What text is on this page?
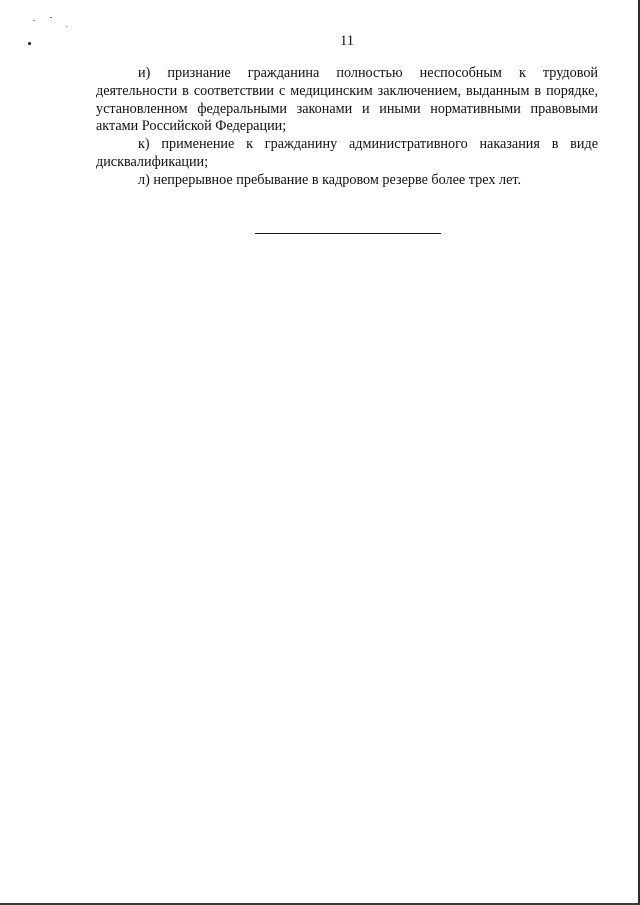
11

и) признание гражданина полностью неспособным к трудовой деятельности в соответствии с медицинским заключением, выданным в порядке, установленном федеральными законами и иными нормативными правовыми актами Российской Федерации;

к) применение к гражданину административного наказания в виде дисквалификации;

л) непрерывное пребывание в кадровом резерве более трех лет.
